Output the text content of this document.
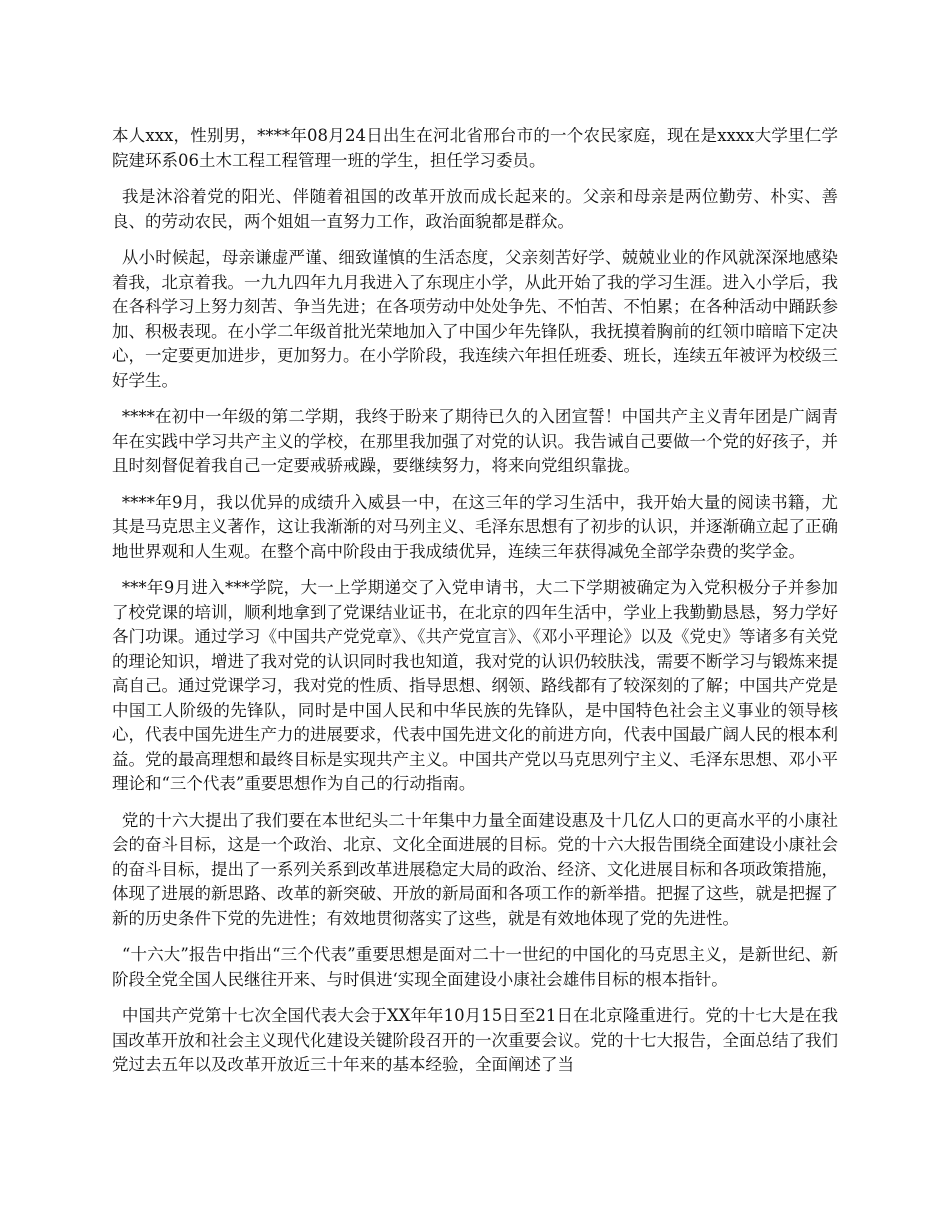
本人xxx，性别男，****年08月24日出生在河北省邢台市的一个农民家庭，现在是xxxx大学里仁学院建环系06土木工程工程管理一班的学生，担任学习委员。

我是沐浴着党的阳光、伴随着祖国的改革开放而成长起来的。父亲和母亲是两位勤劳、朴实、善良、的劳动农民，两个姐姐一直努力工作，政治面貌都是群众。

从小时候起，母亲谦虚严谨、细致谨慎的生活态度，父亲刻苦好学、兢兢业业的作风就深深地感染着我，北京着我。一九九四年九月我进入了东现庄小学，从此开始了我的学习生涯。进入小学后，我在各科学习上努力刻苦、争当先进；在各项劳动中处处争先、不怕苦、不怕累；在各种活动中踊跃参加、积极表现。在小学二年级首批光荣地加入了中国少年先锋队，我抚摸着胸前的红领巾暗暗下定决心，一定要更加进步，更加努力。在小学阶段，我连续六年担任班委、班长，连续五年被评为校级三好学生。

****在初中一年级的第二学期，我终于盼来了期待已久的入团宣誓！中国共产主义青年团是广阔青年在实践中学习共产主义的学校，在那里我加强了对党的认识。我告诫自己要做一个党的好孩子，并且时刻督促着我自己一定要戒骄戒躁，要继续努力，将来向党组织靠拢。

****年9月，我以优异的成绩升入威县一中，在这三年的学习生活中，我开始大量的阅读书籍，尤其是马克思主义著作，这让我渐渐的对马列主义、毛泽东思想有了初步的认识，并逐渐确立起了正确地世界观和人生观。在整个高中阶段由于我成绩优异，连续三年获得减免全部学杂费的奖学金。

***年9月进入***学院，大一上学期递交了入党申请书，大二下学期被确定为入党积极分子并参加了校党课的培训，顺利地拿到了党课结业证书，在北京的四年生活中，学业上我勤勤恳恳，努力学好各门功课。通过学习《中国共产党党章》、《共产党宣言》、《邓小平理论》以及《党史》等诸多有关党的理论知识，增进了我对党的认识同时我也知道，我对党的认识仍较肤浅，需要不断学习与锻炼来提高自己。通过党课学习，我对党的性质、指导思想、纲领、路线都有了较深刻的了解；中国共产党是中国工人阶级的先锋队，同时是中国人民和中华民族的先锋队，是中国特色社会主义事业的领导核心，代表中国先进生产力的进展要求，代表中国先进文化的前进方向，代表中国最广阔人民的根本利益。党的最高理想和最终目标是实现共产主义。中国共产党以马克思列宁主义、毛泽东思想、邓小平理论和“三个代表”重要思想作为自己的行动指南。

党的十六大提出了我们要在本世纪头二十年集中力量全面建设惠及十几亿人口的更高水平的小康社会的奋斗目标，这是一个政治、北京、文化全面进展的目标。党的十六大报告围绕全面建设小康社会的奋斗目标，提出了一系列关系到改革进展稳定大局的政治、经济、文化进展目标和各项政策措施，体现了进展的新思路、改革的新突破、开放的新局面和各项工作的新举措。把握了这些，就是把握了新的历史条件下党的先进性；有效地贯彻落实了这些，就是有效地体现了党的先进性。

“十六大”报告中指出“三个代表”重要思想是面对二十一世纪的中国化的马克思主义，是新世纪、新阶段全党全国人民继往开来、与时俱进‘实现全面建设小康社会雄伟目标的根本指针。

中国共产党第十七次全国代表大会于XX年年10月15日至21日在北京隆重进行。党的十七大是在我国改革开放和社会主义现代化建设关键阶段召开的一次重要会议。党的十七大报告，全面总结了我们党过去五年以及改革开放近三十年来的基本经验，全面阐述了当
